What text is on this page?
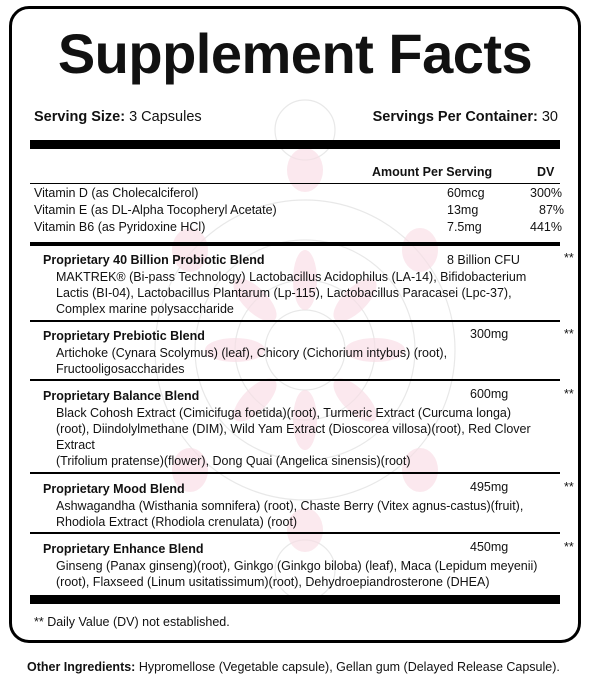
Supplement Facts
Serving Size: 3 Capsules	Servings Per Container: 30
Amount Per Serving	DV
Vitamin D (as Cholecalciferol)	60mcg	300%
Vitamin E (as DL-Alpha Tocopheryl Acetate)	13mg	87%
Vitamin B6 (as Pyridoxine HCl)	7.5mg	441%
Proprietary 40 Billion Probiotic Blend	8 Billion CFU	**
MAKTREK® (Bi-pass Technology) Lactobacillus Acidophilus (LA-14), Bifidobacterium
Lactis (BI-04), Lactobacillus Plantarum (Lp-115), Lactobacillus Paracasei (Lpc-37),
Complex marine polysaccharide
Proprietary Prebiotic Blend	300mg	**
Artichoke (Cynara Scolymus) (leaf), Chicory (Cichorium intybus) (root),
Fructooligosaccharides
Proprietary Balance Blend	600mg	**
Black Cohosh Extract (Cimicifuga foetida)(root), Turmeric Extract (Curcuma longa)
(root), Diindolylmethane (DIM), Wild Yam Extract (Dioscorea villosa)(root), Red Clover
Extract
(Trifolium pratense)(flower), Dong Quai (Angelica sinensis)(root)
Proprietary Mood Blend	495mg	**
Ashwagandha (Wisthania somnifera) (root), Chaste Berry (Vitex agnus-castus)(fruit),
Rhodiola Extract (Rhodiola crenulata) (root)
Proprietary Enhance Blend	450mg	**
Ginseng (Panax ginseng)(root), Ginkgo (Ginkgo biloba) (leaf), Maca (Lepidum meyenii)
(root), Flaxseed (Linum usitatissimum)(root), Dehydroepiandrosterone (DHEA)
** Daily Value (DV) not established.
Other Ingredients: Hypromellose (Vegetable capsule), Gellan gum (Delayed Release Capsule).
